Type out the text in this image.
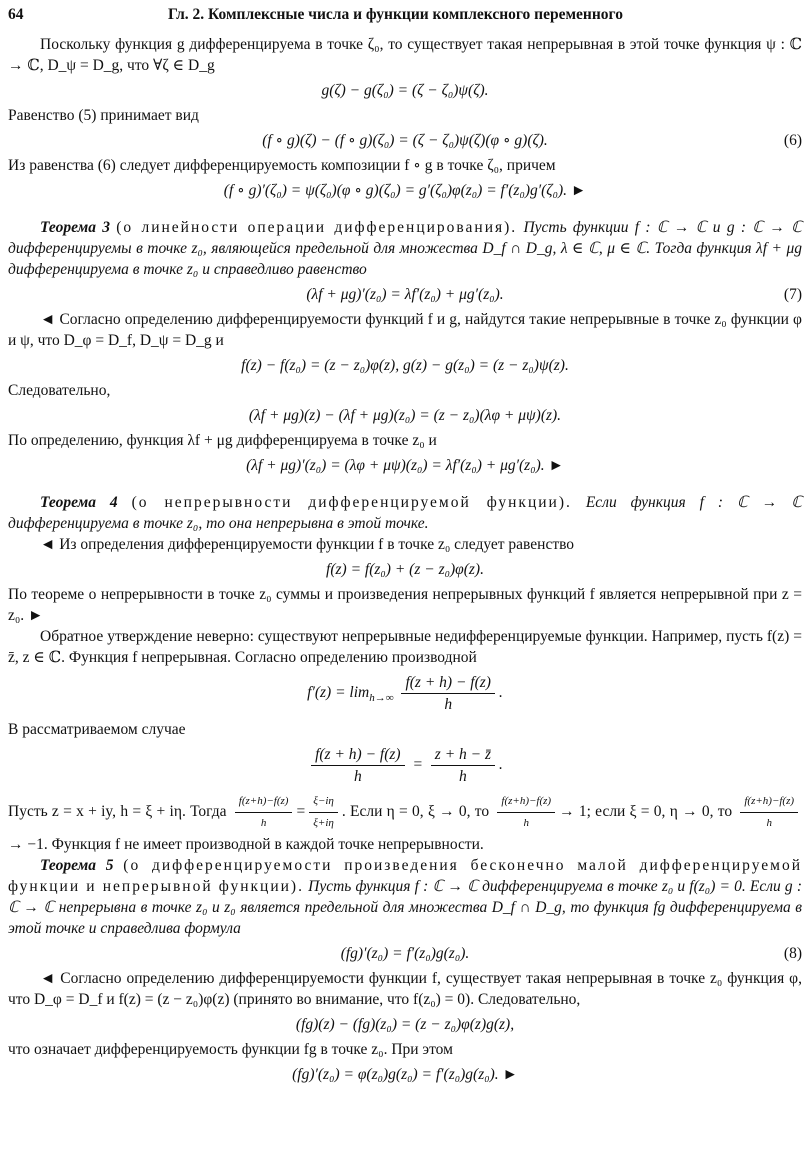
64	Гл. 2. Комплексные числа и функции комплексного переменного

Поскольку функция g дифференцируема в точке ζ₀, то существует такая непрерывная в этой точке функция ψ : ℂ → ℂ, D_ψ = D_g, что ∀ζ ∈ D_g

g(ζ) − g(ζ₀) = (ζ − ζ₀)ψ(ζ).

Равенство (5) принимает вид

(f ∘ g)(ζ) − (f ∘ g)(ζ₀) = (ζ − ζ₀)ψ(ζ)(φ ∘ g)(ζ).	(6)

Из равенства (6) следует дифференцируемость композиции f ∘ g в точке ζ₀, причем

(f ∘ g)′(ζ₀) = ψ(ζ₀)(φ ∘ g)(ζ₀) = g′(ζ₀)φ(z₀) = f′(z₀)g′(ζ₀). ►

Теорема 3 (о линейности операции дифференцирования). Пусть функции f : ℂ → ℂ и g : ℂ → ℂ дифференцируемы в точке z₀, являющейся предельной для множества D_f ∩ D_g, λ ∈ ℂ, μ ∈ ℂ. Тогда функция λf + μg дифференцируема в точке z₀ и справедливо равенство

(λf + μg)′(z₀) = λf′(z₀) + μg′(z₀).	(7)

◄ Согласно определению дифференцируемости функций f и g, найдутся такие непрерывные в точке z₀ функции φ и ψ, что D_φ = D_f, D_ψ = D_g и

f(z) − f(z₀) = (z − z₀)φ(z), g(z) − g(z₀) = (z − z₀)ψ(z).

Следовательно,

(λf + μg)(z) − (λf + μg)(z₀) = (z − z₀)(λφ + μψ)(z).

По определению, функция λf + μg дифференцируема в точке z₀ и

(λf + μg)′(z₀) = (λφ + μψ)(z₀) = λf′(z₀) + μg′(z₀). ►

Теорема 4 (о непрерывности дифференцируемой функции). Если функция f : ℂ → ℂ дифференцируема в точке z₀, то она непрерывна в этой точке.

◄ Из определения дифференцируемости функции f в точке z₀ следует равенство

f(z) = f(z₀) + (z − z₀)φ(z).

По теореме о непрерывности в точке z₀ суммы и произведения непрерывных функций f является непрерывной при z = z₀. ►

Обратное утверждение неверно: существуют непрерывные недифференцируемые функции. Например, пусть f(z) = z̄, z ∈ ℂ. Функция f непрерывная. Согласно определению производной

$f'(z) = \lim_{h\to\infty} \frac{f(z + h) - f(z)}{h}$ .

В рассматриваемом случае

$\frac{f(z + h) - f(z)}{h} = \frac{z + h - z̄}{h}$ .

Пусть z = x + iy, h = ξ + iη. Тогда $\frac{f(z+h)-f(z)}{h} = \frac{\xi-i\eta}{\xi+i\eta}$ . Если η = 0, ξ → 0, то $\frac{f(z+h)-f(z)}{h} \to 1$; если ξ = 0, η → 0, то $\frac{f(z+h)-f(z)}{h}$
→ −1. Функция f не имеет производной в каждой точке непрерывности.

Теорема 5 (о дифференцируемости произведения бесконечно малой дифференцируемой функции и непрерывной функции). Пусть функция f : ℂ → ℂ дифференцируема в точке z₀ и f(z₀) = 0. Если g : ℂ → ℂ непрерывна в точке z₀ и z₀ является предельной для множества D_f ∩ D_g, то функция fg дифференцируема в этой точке и справедлива формула

(fg)′(z₀) = f′(z₀)g(z₀).	(8)

◄ Согласно определению дифференцируемости функции f, существует такая непрерывная в точке z₀ функция φ, что D_φ = D_f и f(z) = (z − z₀)φ(z) (принято во внимание, что f(z₀) = 0). Следовательно,

(fg)(z) − (fg)(z₀) = (z − z₀)φ(z)g(z),

что означает дифференцируемость функции fg в точке z₀. При этом

(fg)′(z₀) = φ(z₀)g(z₀) = f′(z₀)g(z₀). ►
